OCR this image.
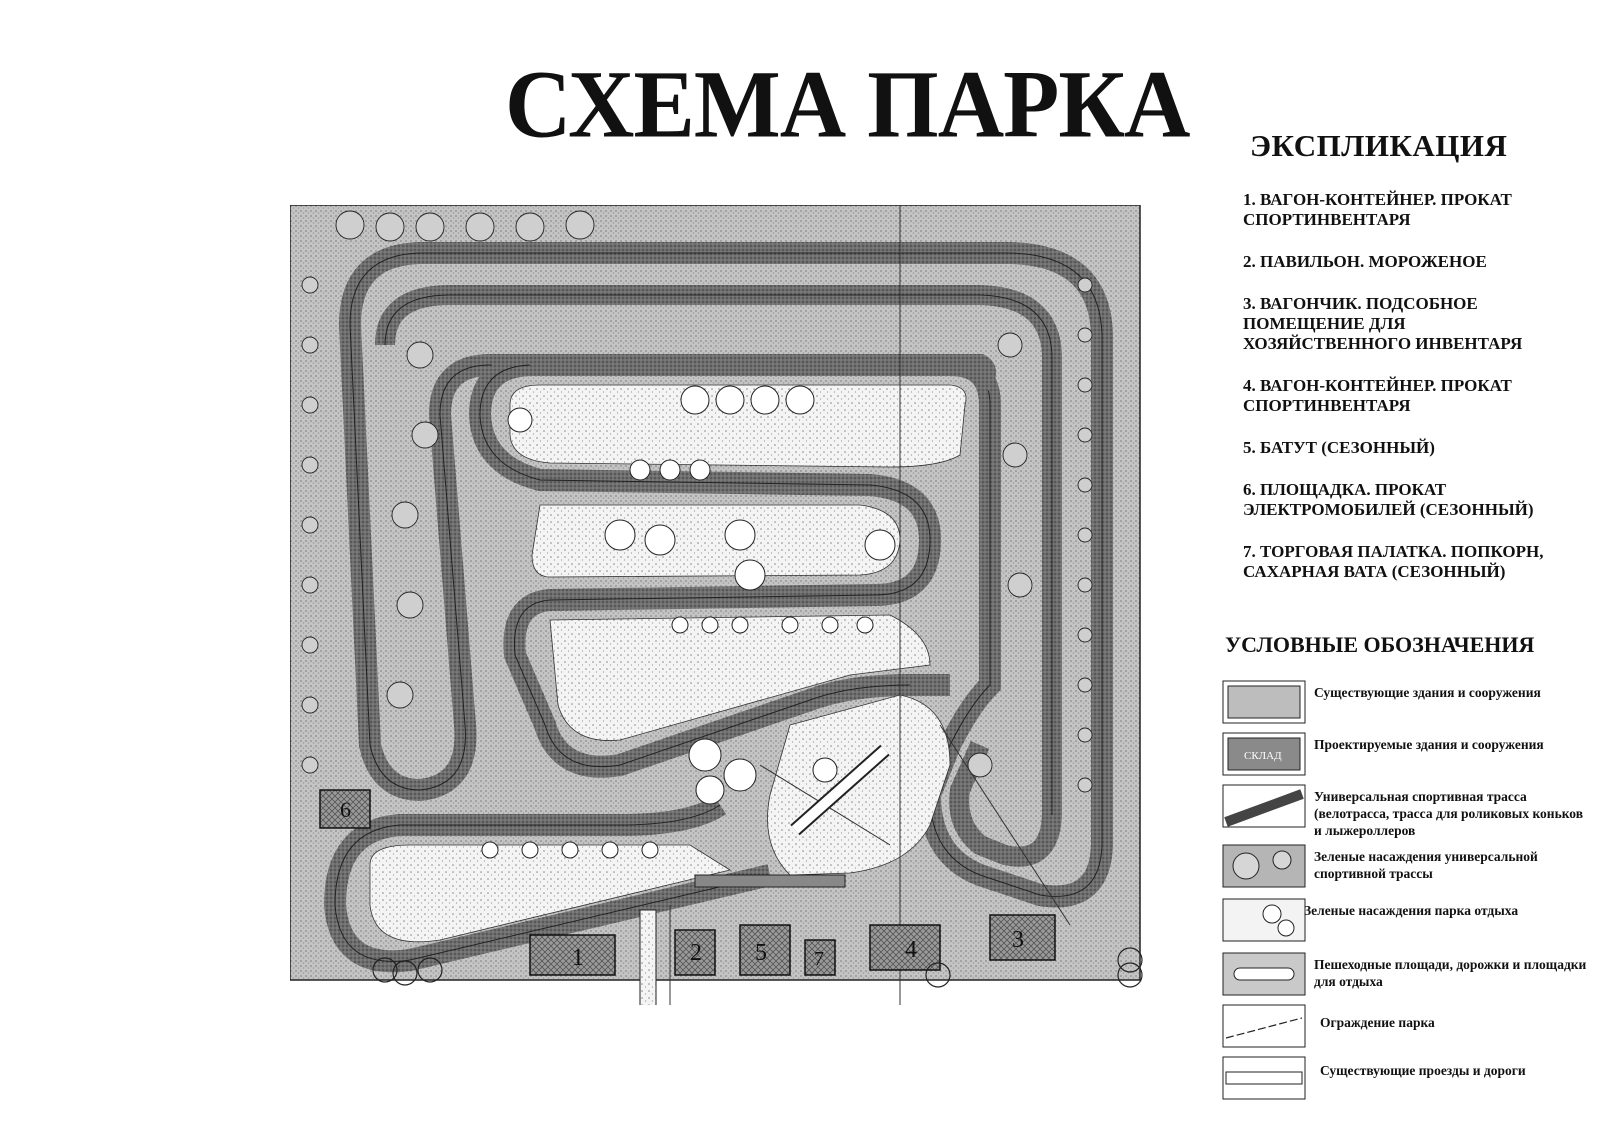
СХЕМА ПАРКА
6
1	2 5 7	4	3
ЭКСПЛИКАЦИЯ
1. ВАГОН-КОНТЕЙНЕР. ПРОКАТ СПОРТИНВЕНТАРЯ
2. ПАВИЛЬОН. МОРОЖЕНОЕ
3. ВАГОНЧИК. ПОДСОБНОЕ ПОМЕЩЕНИЕ ДЛЯ ХОЗЯЙСТВЕННОГО ИНВЕНТАРЯ
4. ВАГОН-КОНТЕЙНЕР. ПРОКАТ СПОРТИНВЕНТАРЯ
5. БАТУТ (СЕЗОННЫЙ)
6. ПЛОЩАДКА. ПРОКАТ ЭЛЕКТРОМОБИЛЕЙ (СЕЗОННЫЙ)
7. ТОРГОВАЯ ПАЛАТКА. ПОПКОРН, САХАРНАЯ ВАТА (СЕЗОННЫЙ)
УСЛОВНЫЕ ОБОЗНАЧЕНИЯ
Существующие здания и сооружения
СКЛАД
Проектируемые здания и сооружения
Универсальная спортивная трасса (велотрасса, трасса для роликовых коньков и лыжероллеров
Зеленые насаждения универсальной спортивной трассы
Зеленые насаждения парка отдыха
Пешеходные площади, дорожки и площадки для отдыха
Ограждение парка
Существующие проезды и дороги
